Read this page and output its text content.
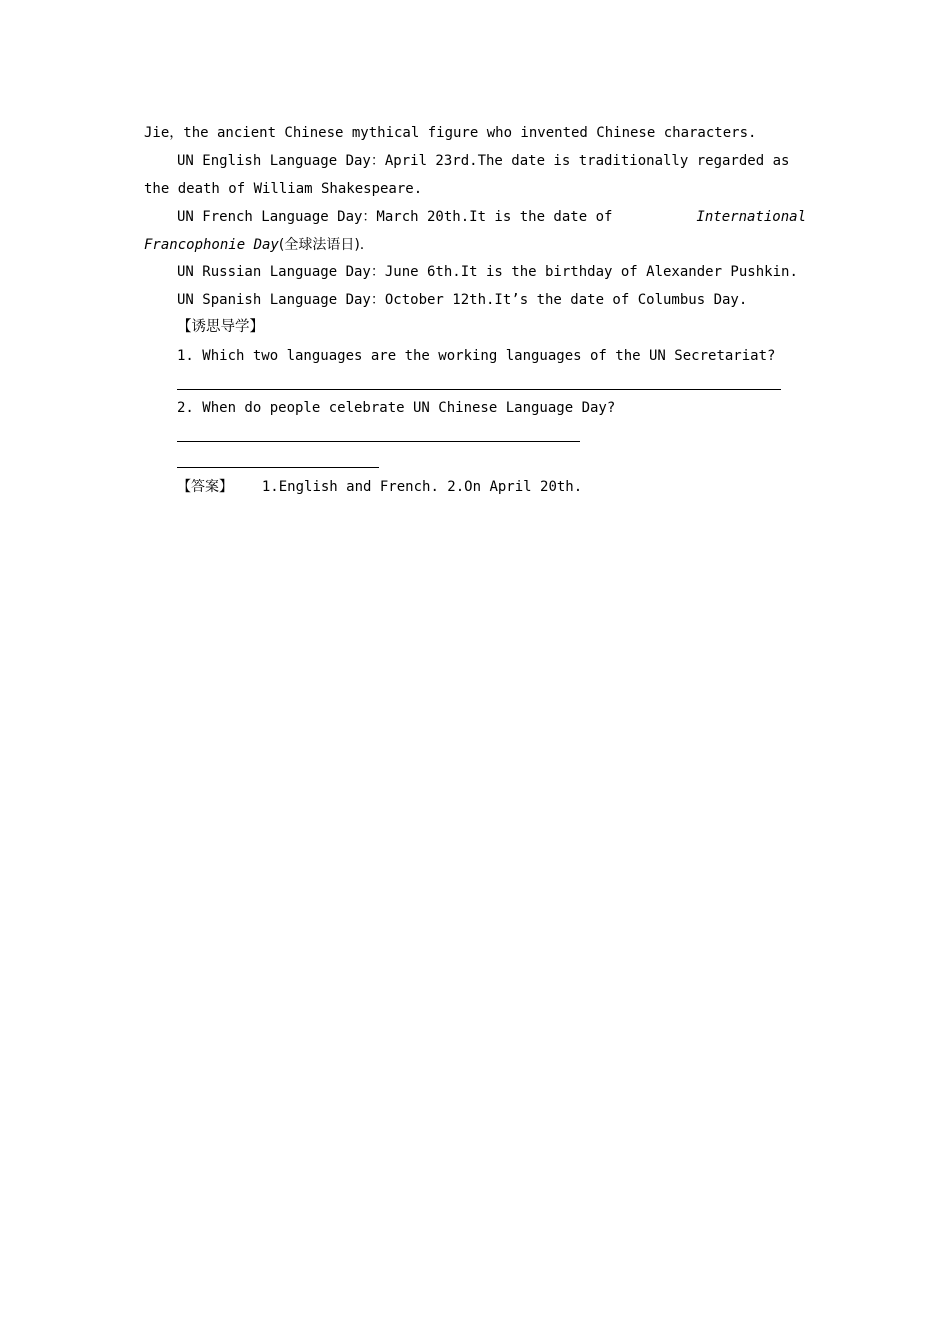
Jie，the ancient Chinese mythical figure who invented Chinese characters.
UN English Language Day：April 23rd.The date is traditionally regarded as
the death of William Shakespeare.
UN French Language Day：March 20th.It is the date of	International
Francophonie Day(全球法语日).
UN Russian Language Day：June 6th.It is the birthday of Alexander Pushkin.
UN Spanish Language Day：October 12th.It’s the date of Columbus Day.
【诱思导学】
1. Which two languages are the working languages of the UN Secretariat?
2. When do people celebrate UN Chinese Language Day?
【答案】 1.English and French. 2.On April 20th.
